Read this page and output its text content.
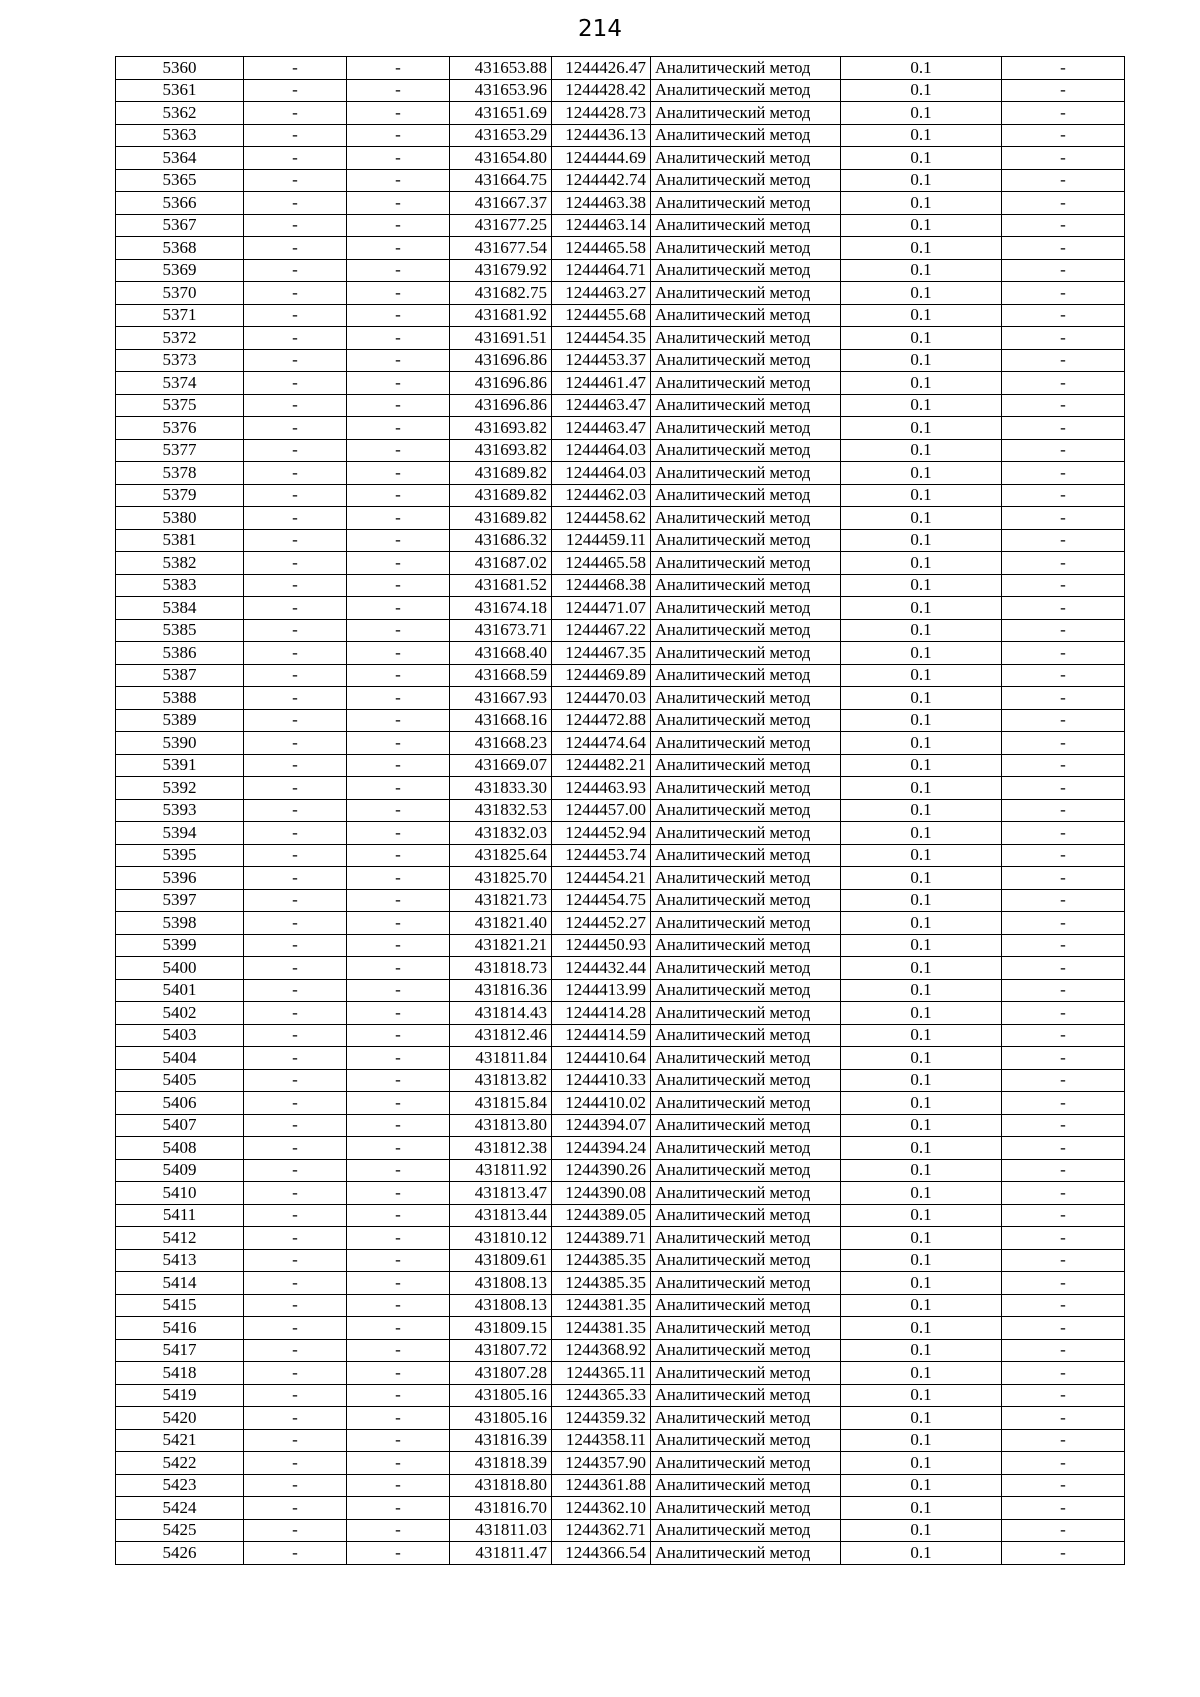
214
5360	-	-	431653.88	1244426.47	Аналитический метод	0.1	-
5361	-	-	431653.96	1244428.42	Аналитический метод	0.1	-
5362	-	-	431651.69	1244428.73	Аналитический метод	0.1	-
5363	-	-	431653.29	1244436.13	Аналитический метод	0.1	-
5364	-	-	431654.80	1244444.69	Аналитический метод	0.1	-
5365	-	-	431664.75	1244442.74	Аналитический метод	0.1	-
5366	-	-	431667.37	1244463.38	Аналитический метод	0.1	-
5367	-	-	431677.25	1244463.14	Аналитический метод	0.1	-
5368	-	-	431677.54	1244465.58	Аналитический метод	0.1	-
5369	-	-	431679.92	1244464.71	Аналитический метод	0.1	-
5370	-	-	431682.75	1244463.27	Аналитический метод	0.1	-
5371	-	-	431681.92	1244455.68	Аналитический метод	0.1	-
5372	-	-	431691.51	1244454.35	Аналитический метод	0.1	-
5373	-	-	431696.86	1244453.37	Аналитический метод	0.1	-
5374	-	-	431696.86	1244461.47	Аналитический метод	0.1	-
5375	-	-	431696.86	1244463.47	Аналитический метод	0.1	-
5376	-	-	431693.82	1244463.47	Аналитический метод	0.1	-
5377	-	-	431693.82	1244464.03	Аналитический метод	0.1	-
5378	-	-	431689.82	1244464.03	Аналитический метод	0.1	-
5379	-	-	431689.82	1244462.03	Аналитический метод	0.1	-
5380	-	-	431689.82	1244458.62	Аналитический метод	0.1	-
5381	-	-	431686.32	1244459.11	Аналитический метод	0.1	-
5382	-	-	431687.02	1244465.58	Аналитический метод	0.1	-
5383	-	-	431681.52	1244468.38	Аналитический метод	0.1	-
5384	-	-	431674.18	1244471.07	Аналитический метод	0.1	-
5385	-	-	431673.71	1244467.22	Аналитический метод	0.1	-
5386	-	-	431668.40	1244467.35	Аналитический метод	0.1	-
5387	-	-	431668.59	1244469.89	Аналитический метод	0.1	-
5388	-	-	431667.93	1244470.03	Аналитический метод	0.1	-
5389	-	-	431668.16	1244472.88	Аналитический метод	0.1	-
5390	-	-	431668.23	1244474.64	Аналитический метод	0.1	-
5391	-	-	431669.07	1244482.21	Аналитический метод	0.1	-
5392	-	-	431833.30	1244463.93	Аналитический метод	0.1	-
5393	-	-	431832.53	1244457.00	Аналитический метод	0.1	-
5394	-	-	431832.03	1244452.94	Аналитический метод	0.1	-
5395	-	-	431825.64	1244453.74	Аналитический метод	0.1	-
5396	-	-	431825.70	1244454.21	Аналитический метод	0.1	-
5397	-	-	431821.73	1244454.75	Аналитический метод	0.1	-
5398	-	-	431821.40	1244452.27	Аналитический метод	0.1	-
5399	-	-	431821.21	1244450.93	Аналитический метод	0.1	-
5400	-	-	431818.73	1244432.44	Аналитический метод	0.1	-
5401	-	-	431816.36	1244413.99	Аналитический метод	0.1	-
5402	-	-	431814.43	1244414.28	Аналитический метод	0.1	-
5403	-	-	431812.46	1244414.59	Аналитический метод	0.1	-
5404	-	-	431811.84	1244410.64	Аналитический метод	0.1	-
5405	-	-	431813.82	1244410.33	Аналитический метод	0.1	-
5406	-	-	431815.84	1244410.02	Аналитический метод	0.1	-
5407	-	-	431813.80	1244394.07	Аналитический метод	0.1	-
5408	-	-	431812.38	1244394.24	Аналитический метод	0.1	-
5409	-	-	431811.92	1244390.26	Аналитический метод	0.1	-
5410	-	-	431813.47	1244390.08	Аналитический метод	0.1	-
5411	-	-	431813.44	1244389.05	Аналитический метод	0.1	-
5412	-	-	431810.12	1244389.71	Аналитический метод	0.1	-
5413	-	-	431809.61	1244385.35	Аналитический метод	0.1	-
5414	-	-	431808.13	1244385.35	Аналитический метод	0.1	-
5415	-	-	431808.13	1244381.35	Аналитический метод	0.1	-
5416	-	-	431809.15	1244381.35	Аналитический метод	0.1	-
5417	-	-	431807.72	1244368.92	Аналитический метод	0.1	-
5418	-	-	431807.28	1244365.11	Аналитический метод	0.1	-
5419	-	-	431805.16	1244365.33	Аналитический метод	0.1	-
5420	-	-	431805.16	1244359.32	Аналитический метод	0.1	-
5421	-	-	431816.39	1244358.11	Аналитический метод	0.1	-
5422	-	-	431818.39	1244357.90	Аналитический метод	0.1	-
5423	-	-	431818.80	1244361.88	Аналитический метод	0.1	-
5424	-	-	431816.70	1244362.10	Аналитический метод	0.1	-
5425	-	-	431811.03	1244362.71	Аналитический метод	0.1	-
5426	-	-	431811.47	1244366.54	Аналитический метод	0.1	-
